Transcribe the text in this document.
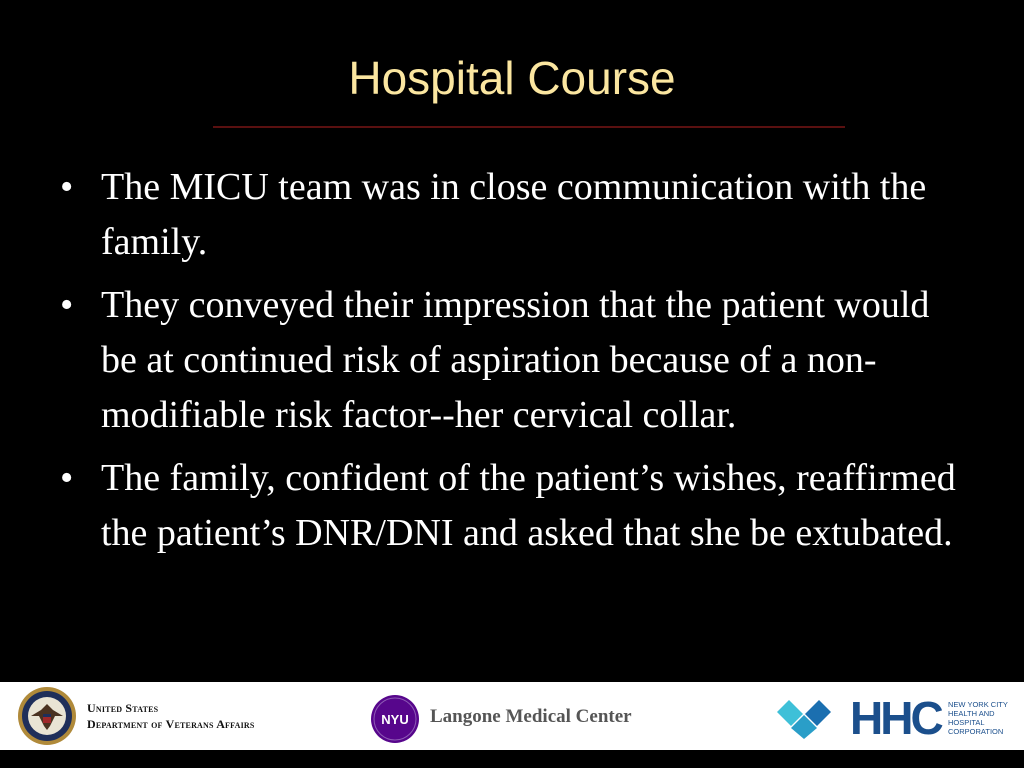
Hospital Course
• The MICU team was in close communication with the family.
• They conveyed their impression that the patient would be at continued risk of aspiration because of a non-modifiable risk factor--her cervical collar.
• The family, confident of the patient’s wishes, reaffirmed the patient’s DNR/DNI and asked that she be extubated.
United States
Department of Veterans Affairs	NYU Langone Medical Center	HHC NEW YORK CITY
HEALTH AND
HOSPITAL
CORPORATION
